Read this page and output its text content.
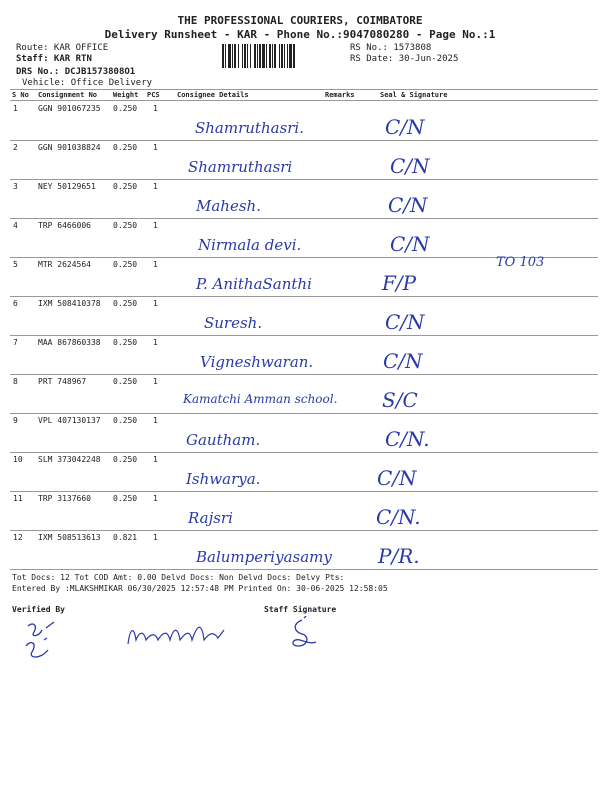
THE PROFESSIONAL COURIERS, COIMBATORE
Delivery Runsheet - KAR - Phone No.:9047080280 - Page No.:1
Route: KAR OFFICE
Staff: KAR RTN
DRS No.: DCJB1573808O1
Vehicle: Office Delivery
RS No.: 1573808
RS Date: 30-Jun-2025
S No Consignment No Weight PCS Consignee Details	Remarks	Seal & Signature
1	GGN 901067235 0.250 1
Shamruthasri.	C/N
2	GGN 901038824 0.250 1
Shamruthasri	C/N
3	NEY 50129651 0.250 1
Mahesh.	C/N
4	TRP 6466006	0.250 1
Nirmala devi.	C/N
5	MTR 2624564	0.250 1
P. AnithaSanthi	F/P
TO 103
6	IXM 508410378 0.250 1
Suresh.	C/N
7	MAA 867860338 0.250 1
Vigneshwaran.	C/N
8	PRT 748967	0.250 1
Kamatchi Amman school. S/C
9	VPL 407130137 0.250 1
Gautham.	C/N.
10 SLM 373042248 0.250 1
Ishwarya.	C/N
11 TRP 3137660	0.250 1
Rajsri	C/N.
12 IXM 508513613 0.821 1
Balumperiyasamy P/R.
Tot Docs: 12 Tot COD Amt: 0.00 Delvd Docs: Non Delvd Docs: Delvy Pts:
Entered By :MLAKSHMIKAR 06/30/2025 12:57:48 PM Printed On: 30-06-2025 12:58:05
Verified By	Staff Signature
